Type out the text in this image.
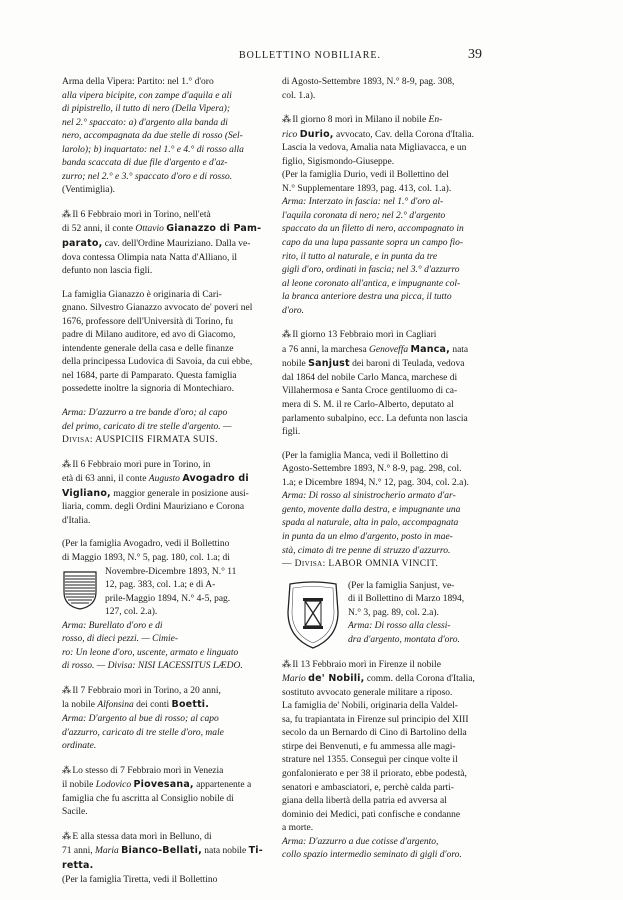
BOLLETTINO NOBILIARE.	39

Arma della Vipera: Partito: nel 1.° d'oro
alla vipera bicipite, con zampe d'aquila e ali
di pipistrello, il tutto di nero (Della Vipera);
nel 2.° spaccato: a) d'argento alla banda di
nero, accompagnata da due stelle di rosso (Sel-
larolo); b) inquartato: nel 1.° e 4.° di rosso alla
banda scaccata di due file d'argento e d'az-
zurro; nel 2.° e 3.° spaccato d'oro e di rosso.
(Ventimiglia).

⁂ Il 6 Febbraio morì in Torino, nell'età
di 52 anni, il conte Ottavio Gianazzo di Pam-
parato, cav. dell'Ordine Mauriziano. Dalla ve-
dova contessa Olimpia nata Natta d'Alliano, il
defunto non lascia figli.

La famiglia Gianazzo è originaria di Cari-
gnano. Silvestro Gianazzo avvocato de' poveri nel
1676, professore dell'Università di Torino, fu
padre di Milano auditore, ed avo di Giacomo,
intendente generale della casa e delle finanze
della principessa Ludovica di Savoia, da cui ebbe,
nel 1684, parte di Pamparato. Questa famiglia
possedette inoltre la signoria di Montechiaro.

Arma: D'azzurro a tre bande d'oro; al capo
del primo, caricato di tre stelle d'argento. —
Divisa: AUSPICIIS FIRMATA SUIS.

⁂ Il 6 Febbraio morì pure in Torino, in
età di 63 anni, il conte Augusto Avogadro di
Vigliano, maggior generale in posizione ausi-
liaria, comm. degli Ordini Mauriziano e Corona
d'Italia.

(Per la famiglia Avogadro, vedi il Bollettino
di Maggio 1893, N.° 5, pag. 180, col. 1.a; di
Novembre-Dicembre 1893, N.° 11
12, pag. 383, col. 1.a; e di A-
prile-Maggio 1894, N.° 4-5, pag.
127, col. 2.a).
Arma: Burellato d'oro e di
rosso, di dieci pezzi. — Cimie-
ro: Un leone d'oro, uscente, armato e linguato
di rosso. — Divisa: NISI LACESSITUS LÆDO.

⁂ Il 7 Febbraio morì in Torino, a 20 anni,
la nobile Alfonsina dei conti Boetti.
Arma: D'argento al bue di rosso; al capo
d'azzurro, caricato di tre stelle d'oro, male
ordinate.

⁂ Lo stesso di 7 Febbraio morì in Venezia
il nobile Lodovico Piovesana, appartenente a
famiglia che fu ascritta al Consiglio nobile di
Sacile.

⁂ E alla stessa data morì in Belluno, di
71 anni, Maria Bianco-Bellati, nata nobile Ti-
retta.

(Per la famiglia Tiretta, vedi il Bollettino

di Agosto-Settembre 1893, N.° 8-9, pag. 308,
col. 1.a).

⁂ Il giorno 8 morì in Milano il nobile En-
rico Durio, avvocato, Cav. della Corona d'Italia.
Lascia la vedova, Amalia nata Migliavacca, e un
figlio, Sigismondo-Giuseppe.

(Per la famiglia Durio, vedi il Bollettino del
N.° Supplementare 1893, pag. 413, col. 1.a).

Arma: Interzato in fascia: nel 1.° d'oro al-
l'aquila coronata di nero; nel 2.° d'argento
spaccato da un filetto di nero, accompagnato in
capo da una lupa passante sopra un campo fio-
rito, il tutto al naturale, e in punta da tre
gigli d'oro, ordinati in fascia; nel 3.° d'azzurro
al leone coronato all'antica, e impugnante col-
la branca anteriore destra una picca, il tutto
d'oro.

⁂ Il giorno 13 Febbraio morì in Cagliari
a 76 anni, la marchesa Genoveffa Manca, nata
nobile Sanjust dei baroni di Teulada, vedova
dal 1864 del nobile Carlo Manca, marchese di
Villahermosa e Santa Croce gentiluomo di ca-
mera di S. M. il re Carlo-Alberto, deputato al
parlamento subalpino, ecc. La defunta non lascia
figli.

(Per la famiglia Manca, vedi il Bollettino di
Agosto-Settembre 1893, N.° 8-9, pag. 298, col.
1.a; e Dicembre 1894, N.° 12, pag. 304, col. 2.a).

Arma: Di rosso al sinistrocherio armato d'ar-
gento, movente dalla destra, e impugnante una
spada al naturale, alta in palo, accompagnata
in punta da un elmo d'argento, posto in mae-
stà, cimato di tre penne di struzzo d'azzurro.
— Divisa: LABOR OMNIA VINCIT.

(Per la famiglia Sanjust, ve-
di il Bollettino di Marzo 1894,
N.° 3, pag. 89, col. 2.a).
Arma: Di rosso alla clessi-
dra d'argento, montata d'oro.

⁂ Il 13 Febbraio morì in Firenze il nobile
Mario de' Nobili, comm. della Corona d'Italia,
sostituto avvocato generale militare a riposo.

La famiglia de' Nobili, originaria della Valdel-
sa, fu trapiantata in Firenze sul principio del XIII
secolo da un Bernardo di Cino di Bartolino della
stirpe dei Benvenuti, e fu ammessa alle magi-
strature nel 1355. Conseguì per cinque volte il
gonfalonierato e per 38 il priorato, ebbe podestà,
senatori e ambasciatori, e, perchè calda parti-
giana della libertà della patria ed avversa al
dominio dei Medici, patì confische e condanne
a morte.

Arma: D'azzurro a due cotisse d'argento,
collo spazio intermedio seminato di gigli d'oro.
